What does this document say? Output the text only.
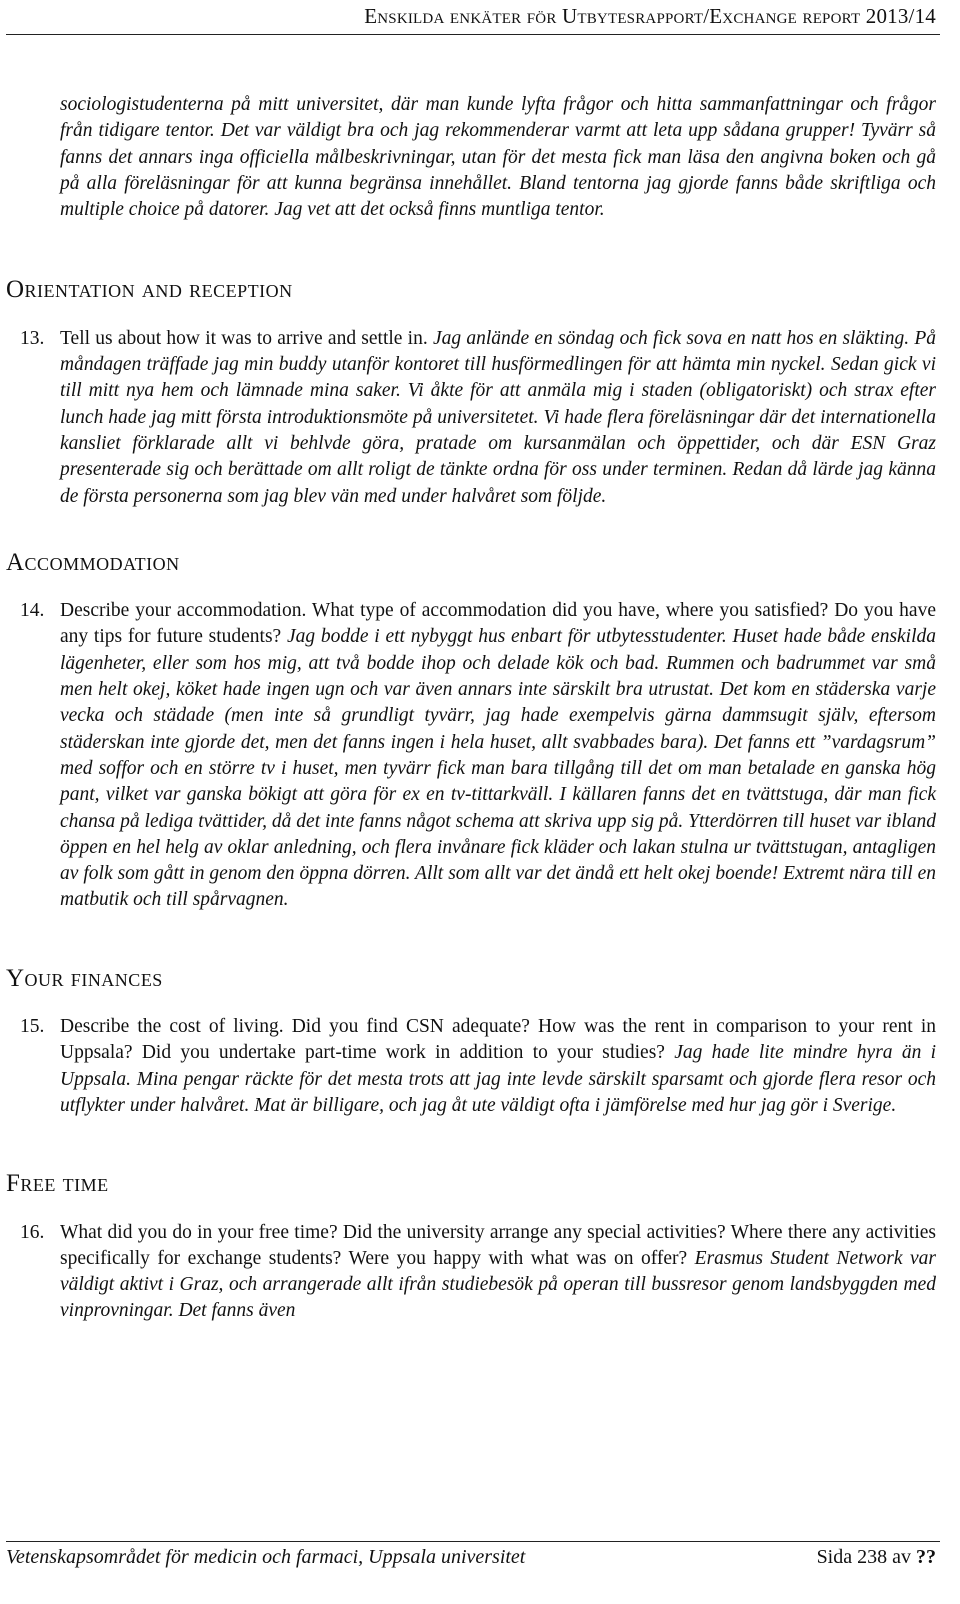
Enskilda enkäter för Utbytesrapport/Exchange report 2013/14

sociologistudenterna på mitt universitet, där man kunde lyfta frågor och hitta sammanfattningar och frågor från tidigare tentor. Det var väldigt bra och jag rekommenderar varmt att leta upp sådana grupper! Tyvärr så fanns det annars inga officiella målbeskrivningar, utan för det mesta fick man läsa den angivna boken och gå på alla föreläsningar för att kunna begränsa innehållet. Bland tentorna jag gjorde fanns både skriftliga och multiple choice på datorer. Jag vet att det också finns muntliga tentor.

Orientation and reception

13. Tell us about how it was to arrive and settle in. Jag anlände en söndag och fick sova en natt hos en släkting. På måndagen träffade jag min buddy utanför kontoret till husförmedlingen för att hämta min nyckel. Sedan gick vi till mitt nya hem och lämnade mina saker. Vi åkte för att anmäla mig i staden (obligatoriskt) och strax efter lunch hade jag mitt första introduktionsmöte på universitetet. Vi hade flera föreläsningar där det internationella kansliet förklarade allt vi behlvde göra, pratade om kursanmälan och öppettider, och där ESN Graz presenterade sig och berättade om allt roligt de tänkte ordna för oss under terminen. Redan då lärde jag känna de första personerna som jag blev vän med under halvåret som följde.

Accommodation

14. Describe your accommodation. What type of accommodation did you have, where you satisfied? Do you have any tips for future students? Jag bodde i ett nybyggt hus enbart för utbytesstudenter. Huset hade både enskilda lägenheter, eller som hos mig, att två bodde ihop och delade kök och bad. Rummen och badrummet var små men helt okej, köket hade ingen ugn och var även annars inte särskilt bra utrustat. Det kom en städerska varje vecka och städade (men inte så grundligt tyvärr, jag hade exempelvis gärna dammsugit själv, eftersom städerskan inte gjorde det, men det fanns ingen i hela huset, allt svabbades bara). Det fanns ett ”vardagsrum” med soffor och en större tv i huset, men tyvärr fick man bara tillgång till det om man betalade en ganska hög pant, vilket var ganska bökigt att göra för ex en tv-tittarkväll. I källaren fanns det en tvättstuga, där man fick chansa på lediga tvättider, då det inte fanns något schema att skriva upp sig på. Ytterdörren till huset var ibland öppen en hel helg av oklar anledning, och flera invånare fick kläder och lakan stulna ur tvättstugan, antagligen av folk som gått in genom den öppna dörren. Allt som allt var det ändå ett helt okej boende! Extremt nära till en matbutik och till spårvagnen.

Your finances

15. Describe the cost of living. Did you find CSN adequate? How was the rent in comparison to your rent in Uppsala? Did you undertake part-time work in addition to your studies? Jag hade lite mindre hyra än i Uppsala. Mina pengar räckte för det mesta trots att jag inte levde särskilt sparsamt och gjorde flera resor och utflykter under halvåret. Mat är billigare, och jag åt ute väldigt ofta i jämförelse med hur jag gör i Sverige.

Free time

16. What did you do in your free time? Did the university arrange any special activities? Where there any activities specifically for exchange students? Were you happy with what was on offer? Erasmus Student Network var väldigt aktivt i Graz, och arrangerade allt ifrån studiebesök på operan till bussresor genom landsbyggden med vinprovningar. Det fanns även

Vetenskapsområdet för medicin och farmaci, Uppsala universitet	Sida 238 av ??
